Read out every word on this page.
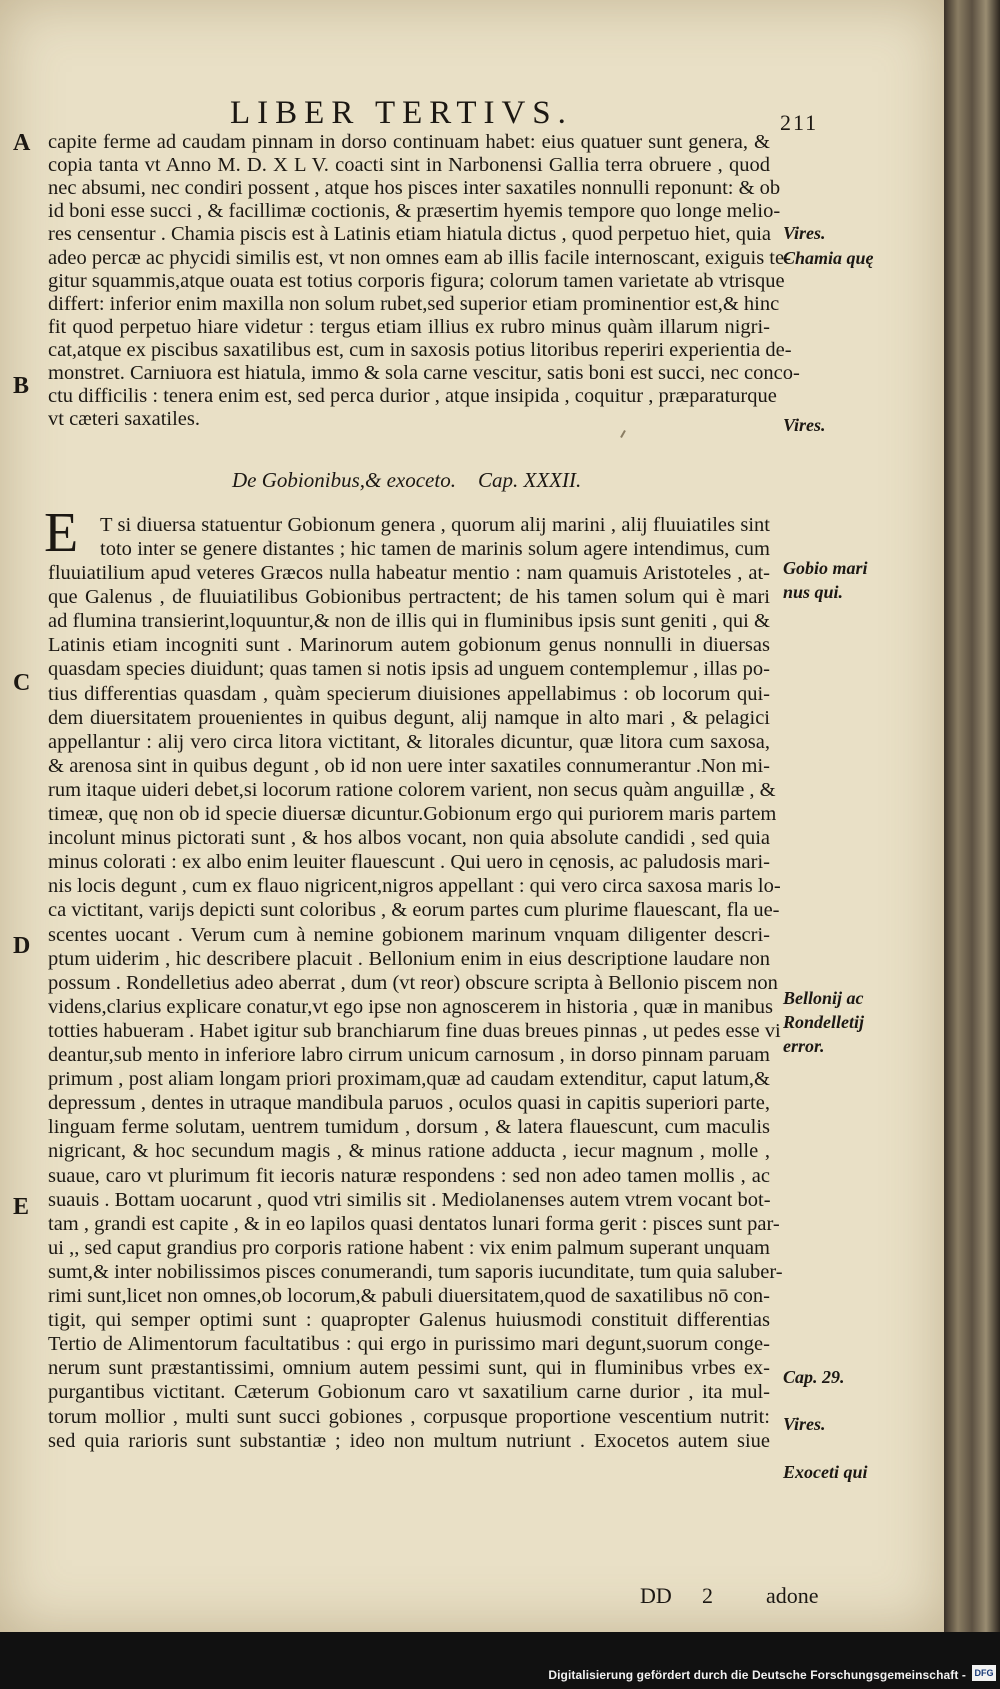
LIBER TERTIVS.	211
capite ferme ad caudam pinnam in dorso continuam habet: eius quatuer sunt genera, &
copia tanta vt Anno M. D. X L V. coacti sint in Narbonensi Gallia terra obruere , quod
nec absumi, nec condiri possent , atque hos pisces inter saxatiles nonnulli reponunt: & ob
id boni esse succi , & facillimæ coctionis, & præsertim hyemis tempore quo longe melio-
res censentur . Chamia piscis est à Latinis etiam hiatula dictus , quod perpetuo hiet, quia
adeo percæ ac phycidi similis est, vt non omnes eam ab illis facile internoscant, exiguis te-
gitur squammis,atque ouata est totius corporis figura; colorum tamen varietate ab vtrisque
differt: inferior enim maxilla non solum rubet,sed superior etiam prominentior est,& hinc
fit quod perpetuo hiare videtur : tergus etiam illius ex rubro minus quàm illarum nigri-
cat,atque ex piscibus saxatilibus est, cum in saxosis potius litoribus reperiri experientia de-
monstret. Carniuora est hiatula, immo & sola carne vescitur, satis boni est succi, nec conco-
ctu difficilis : tenera enim est, sed perca durior , atque insipida , coquitur , præparaturque
vt cæteri saxatiles.
De Gobionibus,& exoceto. Cap. XXXII.
E T si diuersa statuentur Gobionum genera , quorum alij marini , alij fluuiatiles sint
toto inter se genere distantes ; hic tamen de marinis solum agere intendimus, cum
fluuiatilium apud veteres Græcos nulla habeatur mentio : nam quamuis Aristoteles , at-
que Galenus , de fluuiatilibus Gobionibus pertractent; de his tamen solum qui è mari
ad flumina transierint,loquuntur,& non de illis qui in fluminibus ipsis sunt geniti , qui &
Latinis etiam incogniti sunt . Marinorum autem gobionum genus nonnulli in diuersas
quasdam species diuidunt; quas tamen si notis ipsis ad unguem contemplemur , illas po-
tius differentias quasdam , quàm specierum diuisiones appellabimus : ob locorum qui-
dem diuersitatem prouenientes in quibus degunt, alij namque in alto mari , & pelagici
appellantur : alij vero circa litora victitant, & litorales dicuntur, quæ litora cum saxosa,
& arenosa sint in quibus degunt , ob id non uere inter saxatiles connumerantur .Non mi-
rum itaque uideri debet,si locorum ratione colorem varient, non secus quàm anguillæ , &
timeæ, quę non ob id specie diuersæ dicuntur.Gobionum ergo qui puriorem maris partem
incolunt minus pictorati sunt , & hos albos vocant, non quia absolute candidi , sed quia
minus colorati : ex albo enim leuiter flauescunt . Qui uero in cęnosis, ac paludosis mari-
nis locis degunt , cum ex flauo nigricent,nigros appellant : qui vero circa saxosa maris lo-
ca victitant, varijs depicti sunt coloribus , & eorum partes cum plurime flauescant, fla ue-
scentes uocant . Verum cum à nemine gobionem marinum vnquam diligenter descri-
ptum uiderim , hic describere placuit . Bellonium enim in eius descriptione laudare non
possum . Rondelletius adeo aberrat , dum (vt reor) obscure scripta à Bellonio piscem non
videns,clarius explicare conatur,vt ego ipse non agnoscerem in historia , quæ in manibus
totties habueram . Habet igitur sub branchiarum fine duas breues pinnas , ut pedes esse vi
deantur,sub mento in inferiore labro cirrum unicum carnosum , in dorso pinnam paruam
primum , post aliam longam priori proximam,quæ ad caudam extenditur, caput latum,&
depressum , dentes in utraque mandibula paruos , oculos quasi in capitis superiori parte,
linguam ferme solutam, uentrem tumidum , dorsum , & latera flauescunt, cum maculis
nigricant, & hoc secundum magis , & minus ratione adducta , iecur magnum , molle ,
suaue, caro vt plurimum fit iecoris naturæ respondens : sed non adeo tamen mollis , ac
suauis . Bottam uocarunt , quod vtri similis sit . Mediolanenses autem vtrem vocant bot-
tam , grandi est capite , & in eo lapilos quasi dentatos lunari forma gerit : pisces sunt par-
ui ,, sed caput grandius pro corporis ratione habent : vix enim palmum superant unquam
sumt,& inter nobilissimos pisces conumerandi, tum saporis iucunditate, tum quia saluber-
rimi sunt,licet non omnes,ob locorum,& pabuli diuersitatem,quod de saxatilibus nō con-
tigit, qui semper optimi sunt : quapropter Galenus huiusmodi constituit differentias
Tertio de Alimentorum facultatibus : qui ergo in purissimo mari degunt,suorum conge-
nerum sunt præstantissimi, omnium autem pessimi sunt, qui in fluminibus vrbes ex-
purgantibus victitant. Cæterum Gobionum caro vt saxatilium carne durior , ita mul-
torum mollior , multi sunt succi gobiones , corpusque proportione vescentium nutrit:
sed quia rarioris sunt substantiæ ; ideo non multum nutriunt . Exocetos autem siue
A
B
C
D
E
Vires.
Chamia quę
Vires.
Gobio mari
nus qui.
Bellonij ac
Rondelletij
error.
Cap. 29.
Vires.
Exoceti qui
DD 2 adone
Digitalisierung gefördert durch die Deutsche Forschungsgemeinschaft - DFG
